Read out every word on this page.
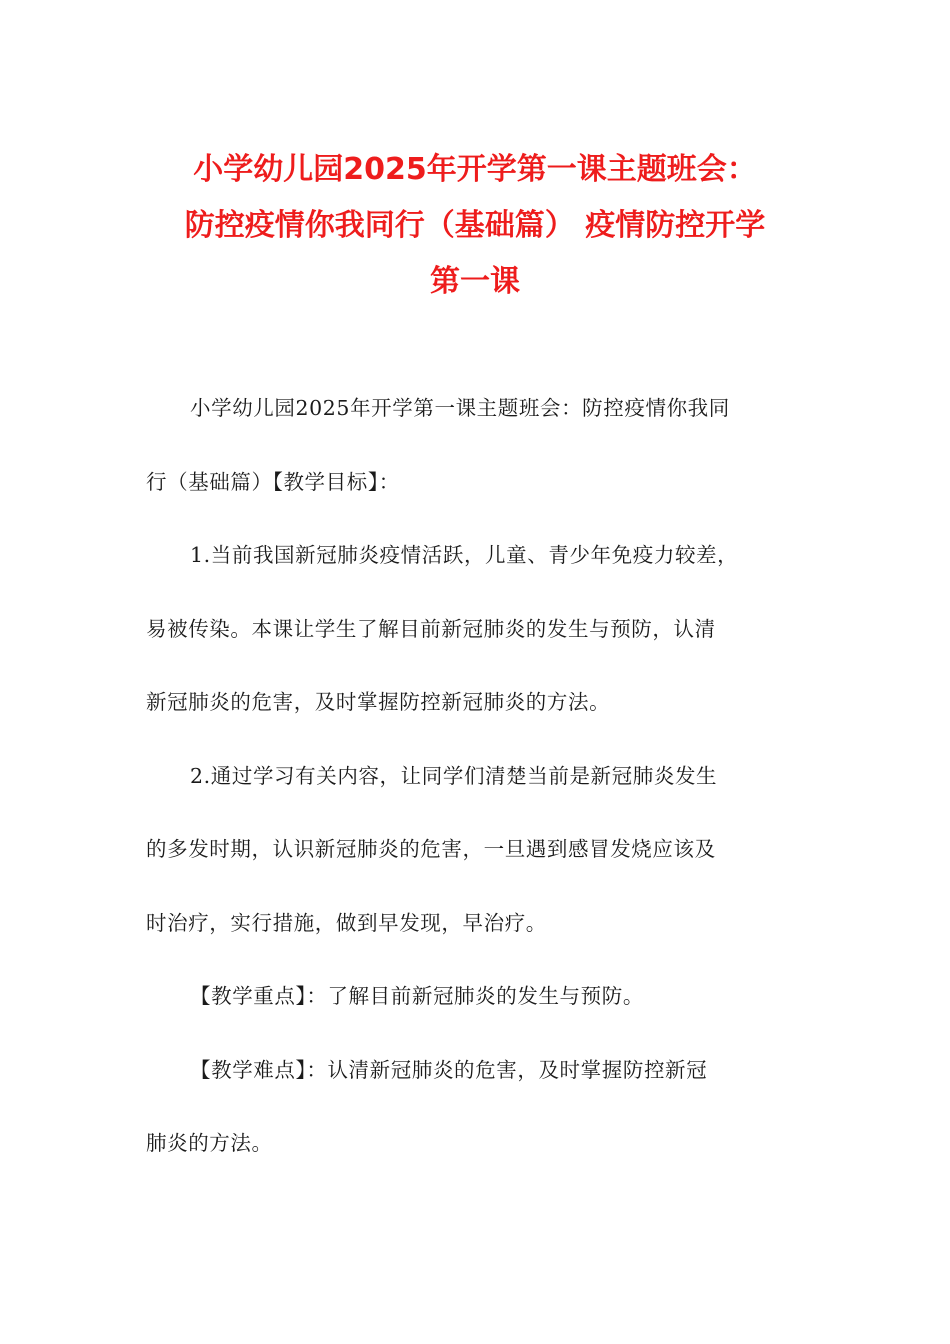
小学幼儿园2025年开学第一课主题班会：
防控疫情你我同行（基础篇） 疫情防控开学
第一课
小学幼儿园2025年开学第一课主题班会：防控疫情你我同
行（基础篇）【教学目标】：
1.当前我国新冠肺炎疫情活跃，儿童、青少年免疫力较差，
易被传染。本课让学生了解目前新冠肺炎的发生与预防，认清
新冠肺炎的危害，及时掌握防控新冠肺炎的方法。
2.通过学习有关内容，让同学们清楚当前是新冠肺炎发生
的多发时期，认识新冠肺炎的危害，一旦遇到感冒发烧应该及
时治疗，实行措施，做到早发现，早治疗。
【教学重点】：了解目前新冠肺炎的发生与预防。
【教学难点】：认清新冠肺炎的危害，及时掌握防控新冠
肺炎的方法。
